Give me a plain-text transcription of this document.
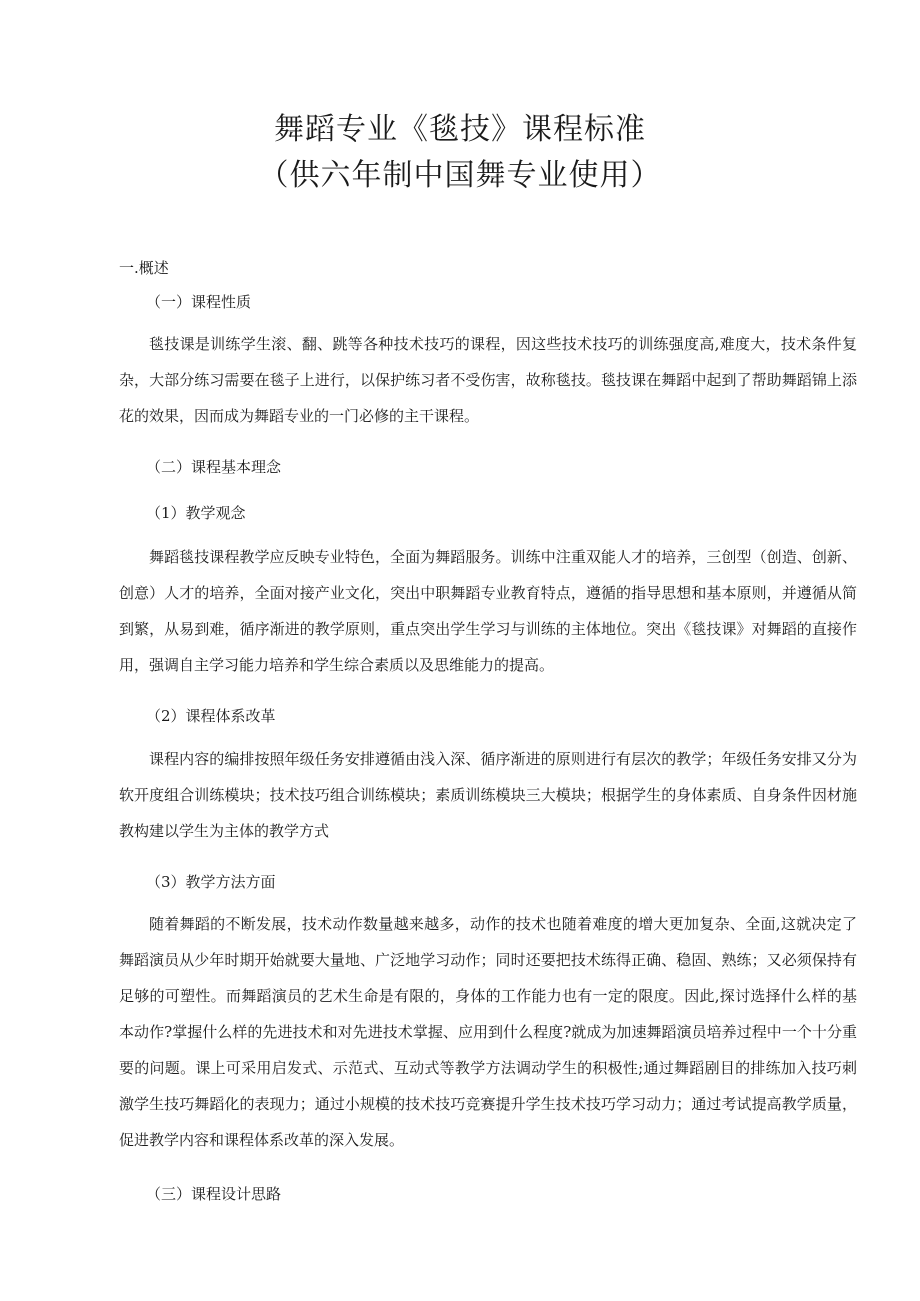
舞蹈专业《毯技》课程标准
（供六年制中国舞专业使用）
一.概述
（一）课程性质

毯技课是训练学生滚、翻、跳等各种技术技巧的课程，因这些技术技巧的训练强度高,难度大，技术条件复杂，大部分练习需要在毯子上进行，以保护练习者不受伤害，故称毯技。毯技课在舞蹈中起到了帮助舞蹈锦上添花的效果，因而成为舞蹈专业的一门必修的主干课程。

（二）课程基本理念
（1）教学观念

舞蹈毯技课程教学应反映专业特色，全面为舞蹈服务。训练中注重双能人才的培养，三创型（创造、创新、创意）人才的培养，全面对接产业文化，突出中职舞蹈专业教育特点，遵循的指导思想和基本原则，并遵循从简到繁，从易到难，循序渐进的教学原则，重点突出学生学习与训练的主体地位。突出《毯技课》对舞蹈的直接作用，强调自主学习能力培养和学生综合素质以及思维能力的提高。

（2）课程体系改革

课程内容的编排按照年级任务安排遵循由浅入深、循序渐进的原则进行有层次的教学；年级任务安排又分为软开度组合训练模块；技术技巧组合训练模块；素质训练模块三大模块；根据学生的身体素质、自身条件因材施教构建以学生为主体的教学方式

（3）教学方法方面

随着舞蹈的不断发展，技术动作数量越来越多，动作的技术也随着难度的增大更加复杂、全面,这就决定了舞蹈演员从少年时期开始就要大量地、广泛地学习动作；同时还要把技术练得正确、稳固、熟练；又必须保持有足够的可塑性。而舞蹈演员的艺术生命是有限的，身体的工作能力也有一定的限度。因此,探讨选择什么样的基本动作?掌握什么样的先进技术和对先进技术掌握、应用到什么程度?就成为加速舞蹈演员培养过程中一个十分重要的问题。课上可采用启发式、示范式、互动式等教学方法调动学生的积极性;通过舞蹈剧目的排练加入技巧刺激学生技巧舞蹈化的表现力；通过小规模的技术技巧竞赛提升学生技术技巧学习动力；通过考试提高教学质量，促进教学内容和课程体系改革的深入发展。

（三）课程设计思路
